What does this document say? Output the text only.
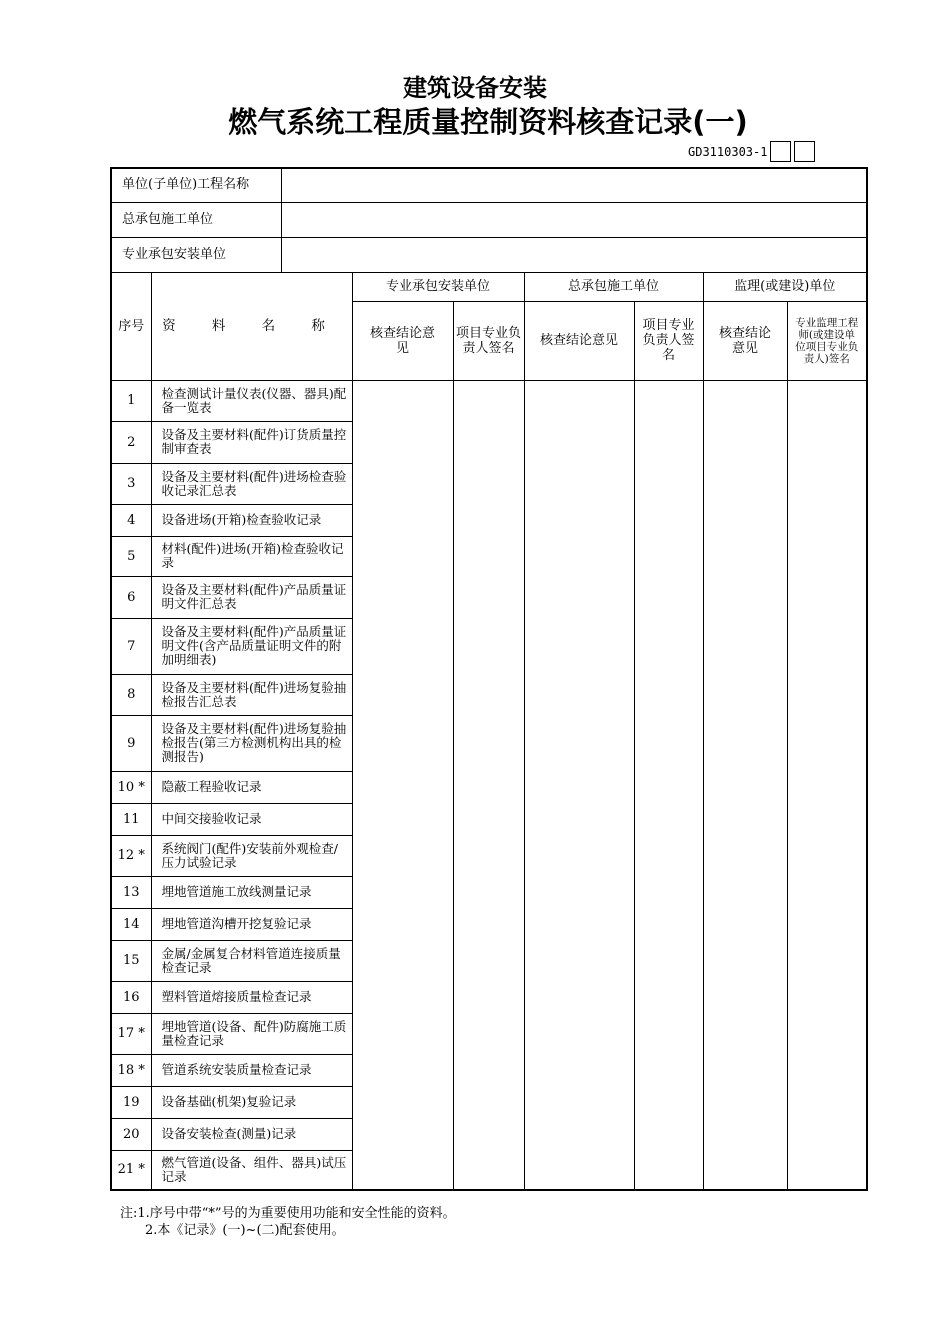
建筑设备安装
燃气系统工程质量控制资料核查记录(一)
GD3110303-1
单位(子单位)工程名称								
总承包施工单位								
专业承包安装单位								
序号	资 料 名 称		专业承包安装单位		总承包施工单位		监理(或建设)单位	
			核查结论意见	项目专业负责人签名	核查结论意见	项目专业负责人签名	核查结论意见	专业监理工程师(或建设单位项目专业负责人)签名
1	检查测试计量仪表(仪器、器具)配备一览表							
2	设备及主要材料(配件)订货质量控制审查表							
3	设备及主要材料(配件)进场检查验收记录汇总表							
4	设备进场(开箱)检查验收记录							
5	材料(配件)进场(开箱)检查验收记录							
6	设备及主要材料(配件)产品质量证明文件汇总表							
7	设备及主要材料(配件)产品质量证明文件(含产品质量证明文件的附加明细表)							
8	设备及主要材料(配件)进场复验抽检报告汇总表							
9	设备及主要材料(配件)进场复验抽检报告(第三方检测机构出具的检测报告)							
10 *	隐蔽工程验收记录							
11	中间交接验收记录							
12 *	系统阀门(配件)安装前外观检查/压力试验记录							
13	埋地管道施工放线测量记录							
14	埋地管道沟槽开挖复验记录							
15	金属/金属复合材料管道连接质量检查记录							
16	塑料管道熔接质量检查记录							
17 *	埋地管道(设备、配件)防腐施工质量检查记录							
18 *	管道系统安装质量检查记录							
19	设备基础(机架)复验记录							
20	设备安装检查(测量)记录							
21 *	燃气管道(设备、组件、器具)试压记录							
注:1.序号中带“*”号的为重要使用功能和安全性能的资料。
2.本《记录》(一)~(二)配套使用。
